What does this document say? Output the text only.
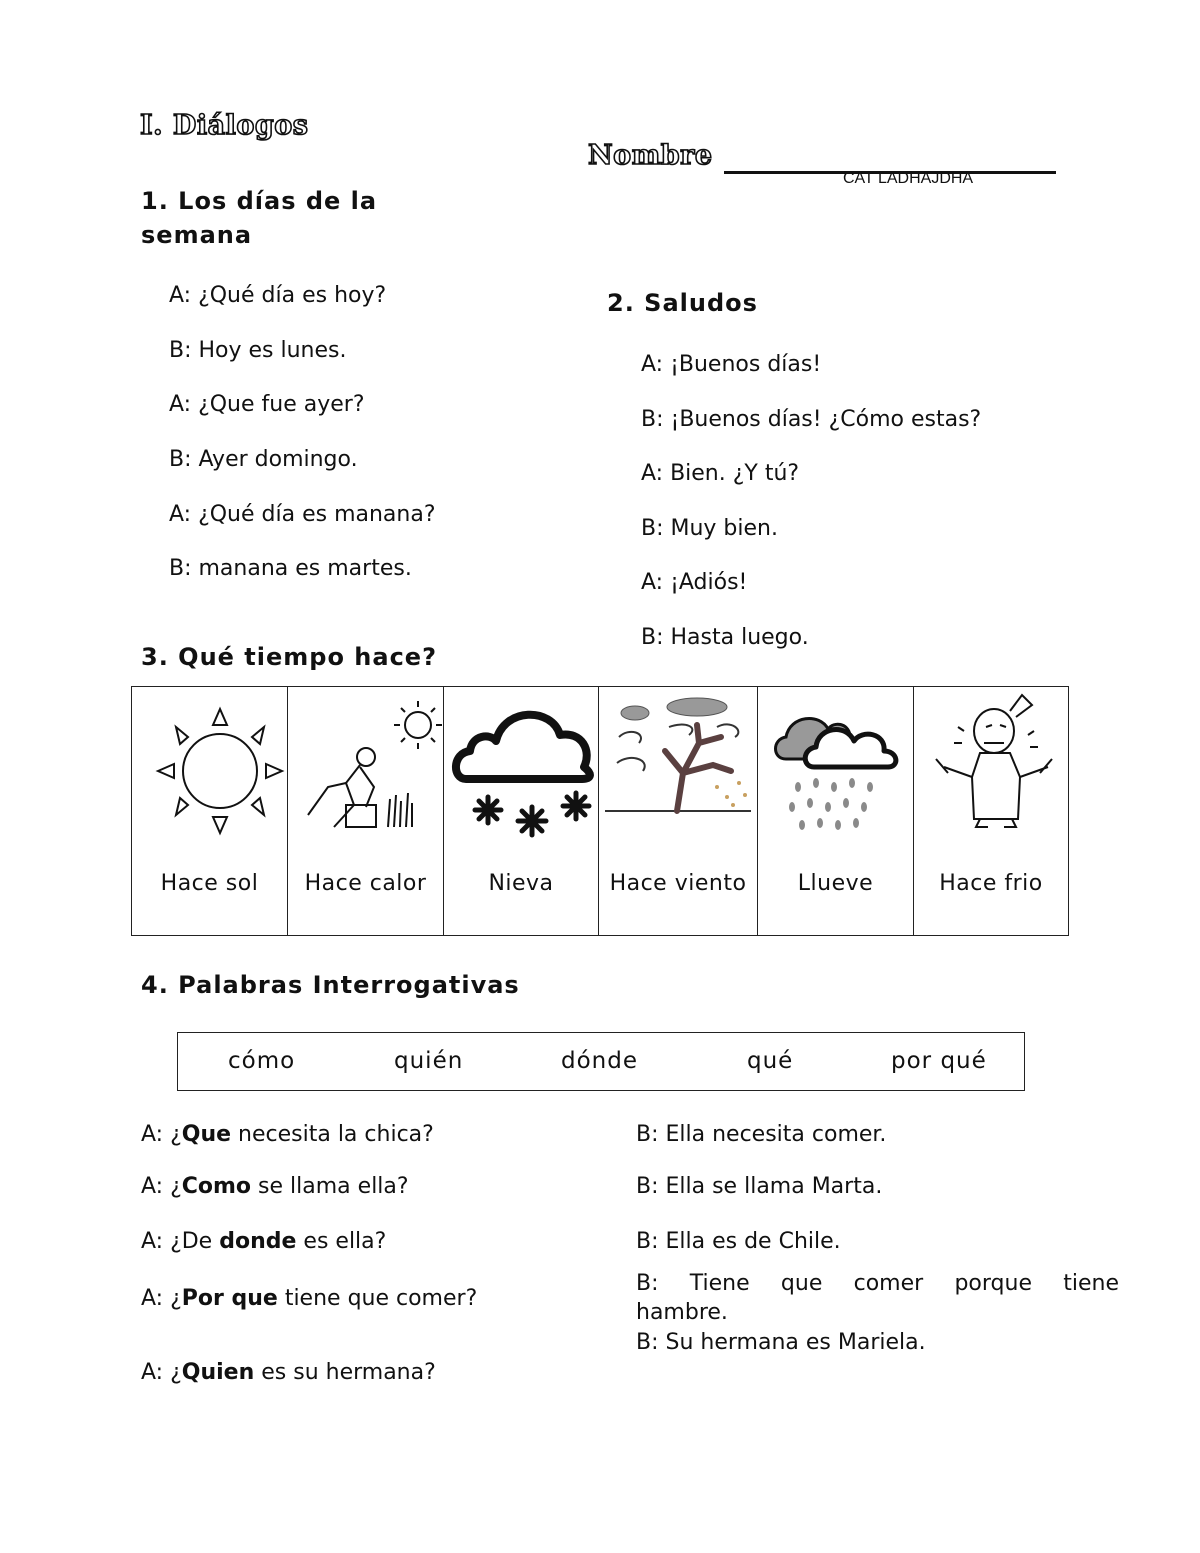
I. Diálogos
Nombre
CAT LADHAJDHA
1. Los días de la
semana
A: ¿Qué día es hoy?
B: Hoy es lunes.
A: ¿Que fue ayer?
B: Ayer domingo.
A: ¿Qué día es manana?
B: manana es martes.
2. Saludos
A: ¡Buenos días!
B: ¡Buenos días! ¿Cómo estas?
A: Bien. ¿Y tú?
B: Muy bien.
A: ¡Adiós!
B: Hasta luego.
3. Qué tiempo hace?
Hace sol	Hace calor	Nieva	Hace viento	Llueve	Hace frio
4. Palabras Interrogativas
cómo	quién	dónde	qué	por qué
A: ¿Que necesita la chica?
A: ¿Como se llama ella?
A: ¿De donde es ella?
A: ¿Por que tiene que comer?
A: ¿Quien es su hermana?
B: Ella necesita comer.
B: Ella se llama Marta.
B: Ella es de Chile.
B: Tiene que comer porque tiene
hambre.
B: Su hermana es Mariela.
